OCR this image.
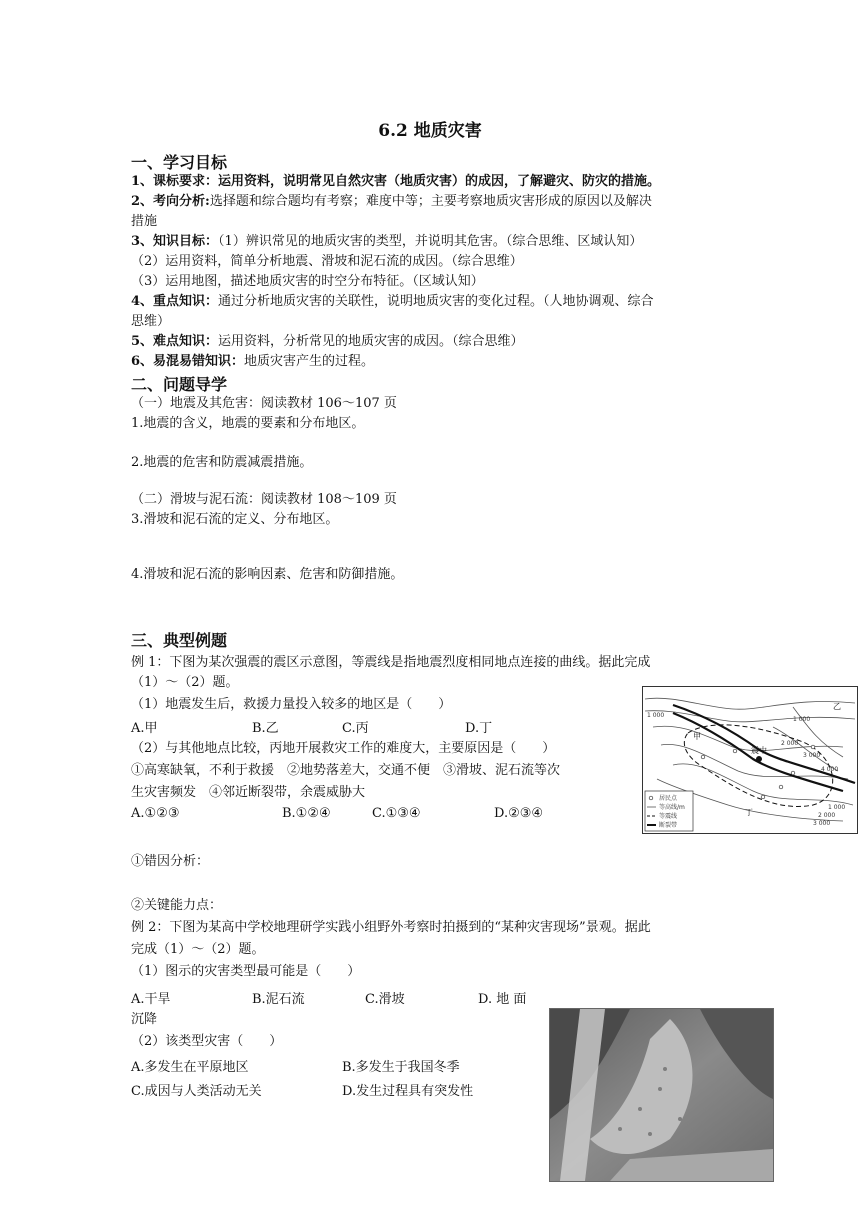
6.2 地质灾害
一、学习目标
1、课标要求：运用资料，说明常见自然灾害（地质灾害）的成因，了解避灾、防灾的措施。
2、考向分析:选择题和综合题均有考察；难度中等；主要考察地质灾害形成的原因以及解决
措施
3、知识目标：（1）辨识常见的地质灾害的类型，并说明其危害。（综合思维、区域认知）
（2）运用资料，简单分析地震、滑坡和泥石流的成因。（综合思维）
（3）运用地图，描述地质灾害的时空分布特征。（区域认知）
4、重点知识：通过分析地质灾害的关联性，说明地质灾害的变化过程。（人地协调观、综合
思维）
5、难点知识：运用资料，分析常见的地质灾害的成因。（综合思维）
6、易混易错知识：地质灾害产生的过程。
二、问题导学
（一）地震及其危害：阅读教材 106～107 页
1.地震的含义，地震的要素和分布地区。
2.地震的危害和防震减震措施。
（二）滑坡与泥石流：阅读教材 108～109 页
3.滑坡和泥石流的定义、分布地区。
4.滑坡和泥石流的影响因素、危害和防御措施。
三、典型例题
例 1：下图为某次强震的震区示意图，等震线是指地震烈度相同地点连接的曲线。据此完成
（1）～（2）题。
（1）地震发生后，救援力量投入较多的地区是（　　）
A.甲	B.乙	C.丙	D.丁
（2）与其他地点比较，丙地开展救灾工作的难度大，主要原因是（　　）
①高寒缺氧，不利于救援　②地势落差大，交通不便　③滑坡、泥石流等次
生灾害频发　④邻近断裂带，余震威胁大
A.①②③	B.①②④	C.①③④	D.②③④
①错因分析：
②关键能力点：
例 2：下图为某高中学校地理研学实践小组野外考察时拍摄到的“某种灾害现场”景观。据此
完成（1）～（2）题。
（1）图示的灾害类型最可能是（　　）
A.干旱	B.泥石流	C.滑坡	D. 地 面
沉降
（2）该类型灾害（　　）
A.多发生在平原地区	B.多发生于我国冬季
C.成因与人类活动无关	D.发生过程具有突发性
1 000
1 000
2 000
3 000
4 000
1 000
2 000
3 000
乙
甲
震中
丁
居民点
等高线/m
等震线
断裂带
